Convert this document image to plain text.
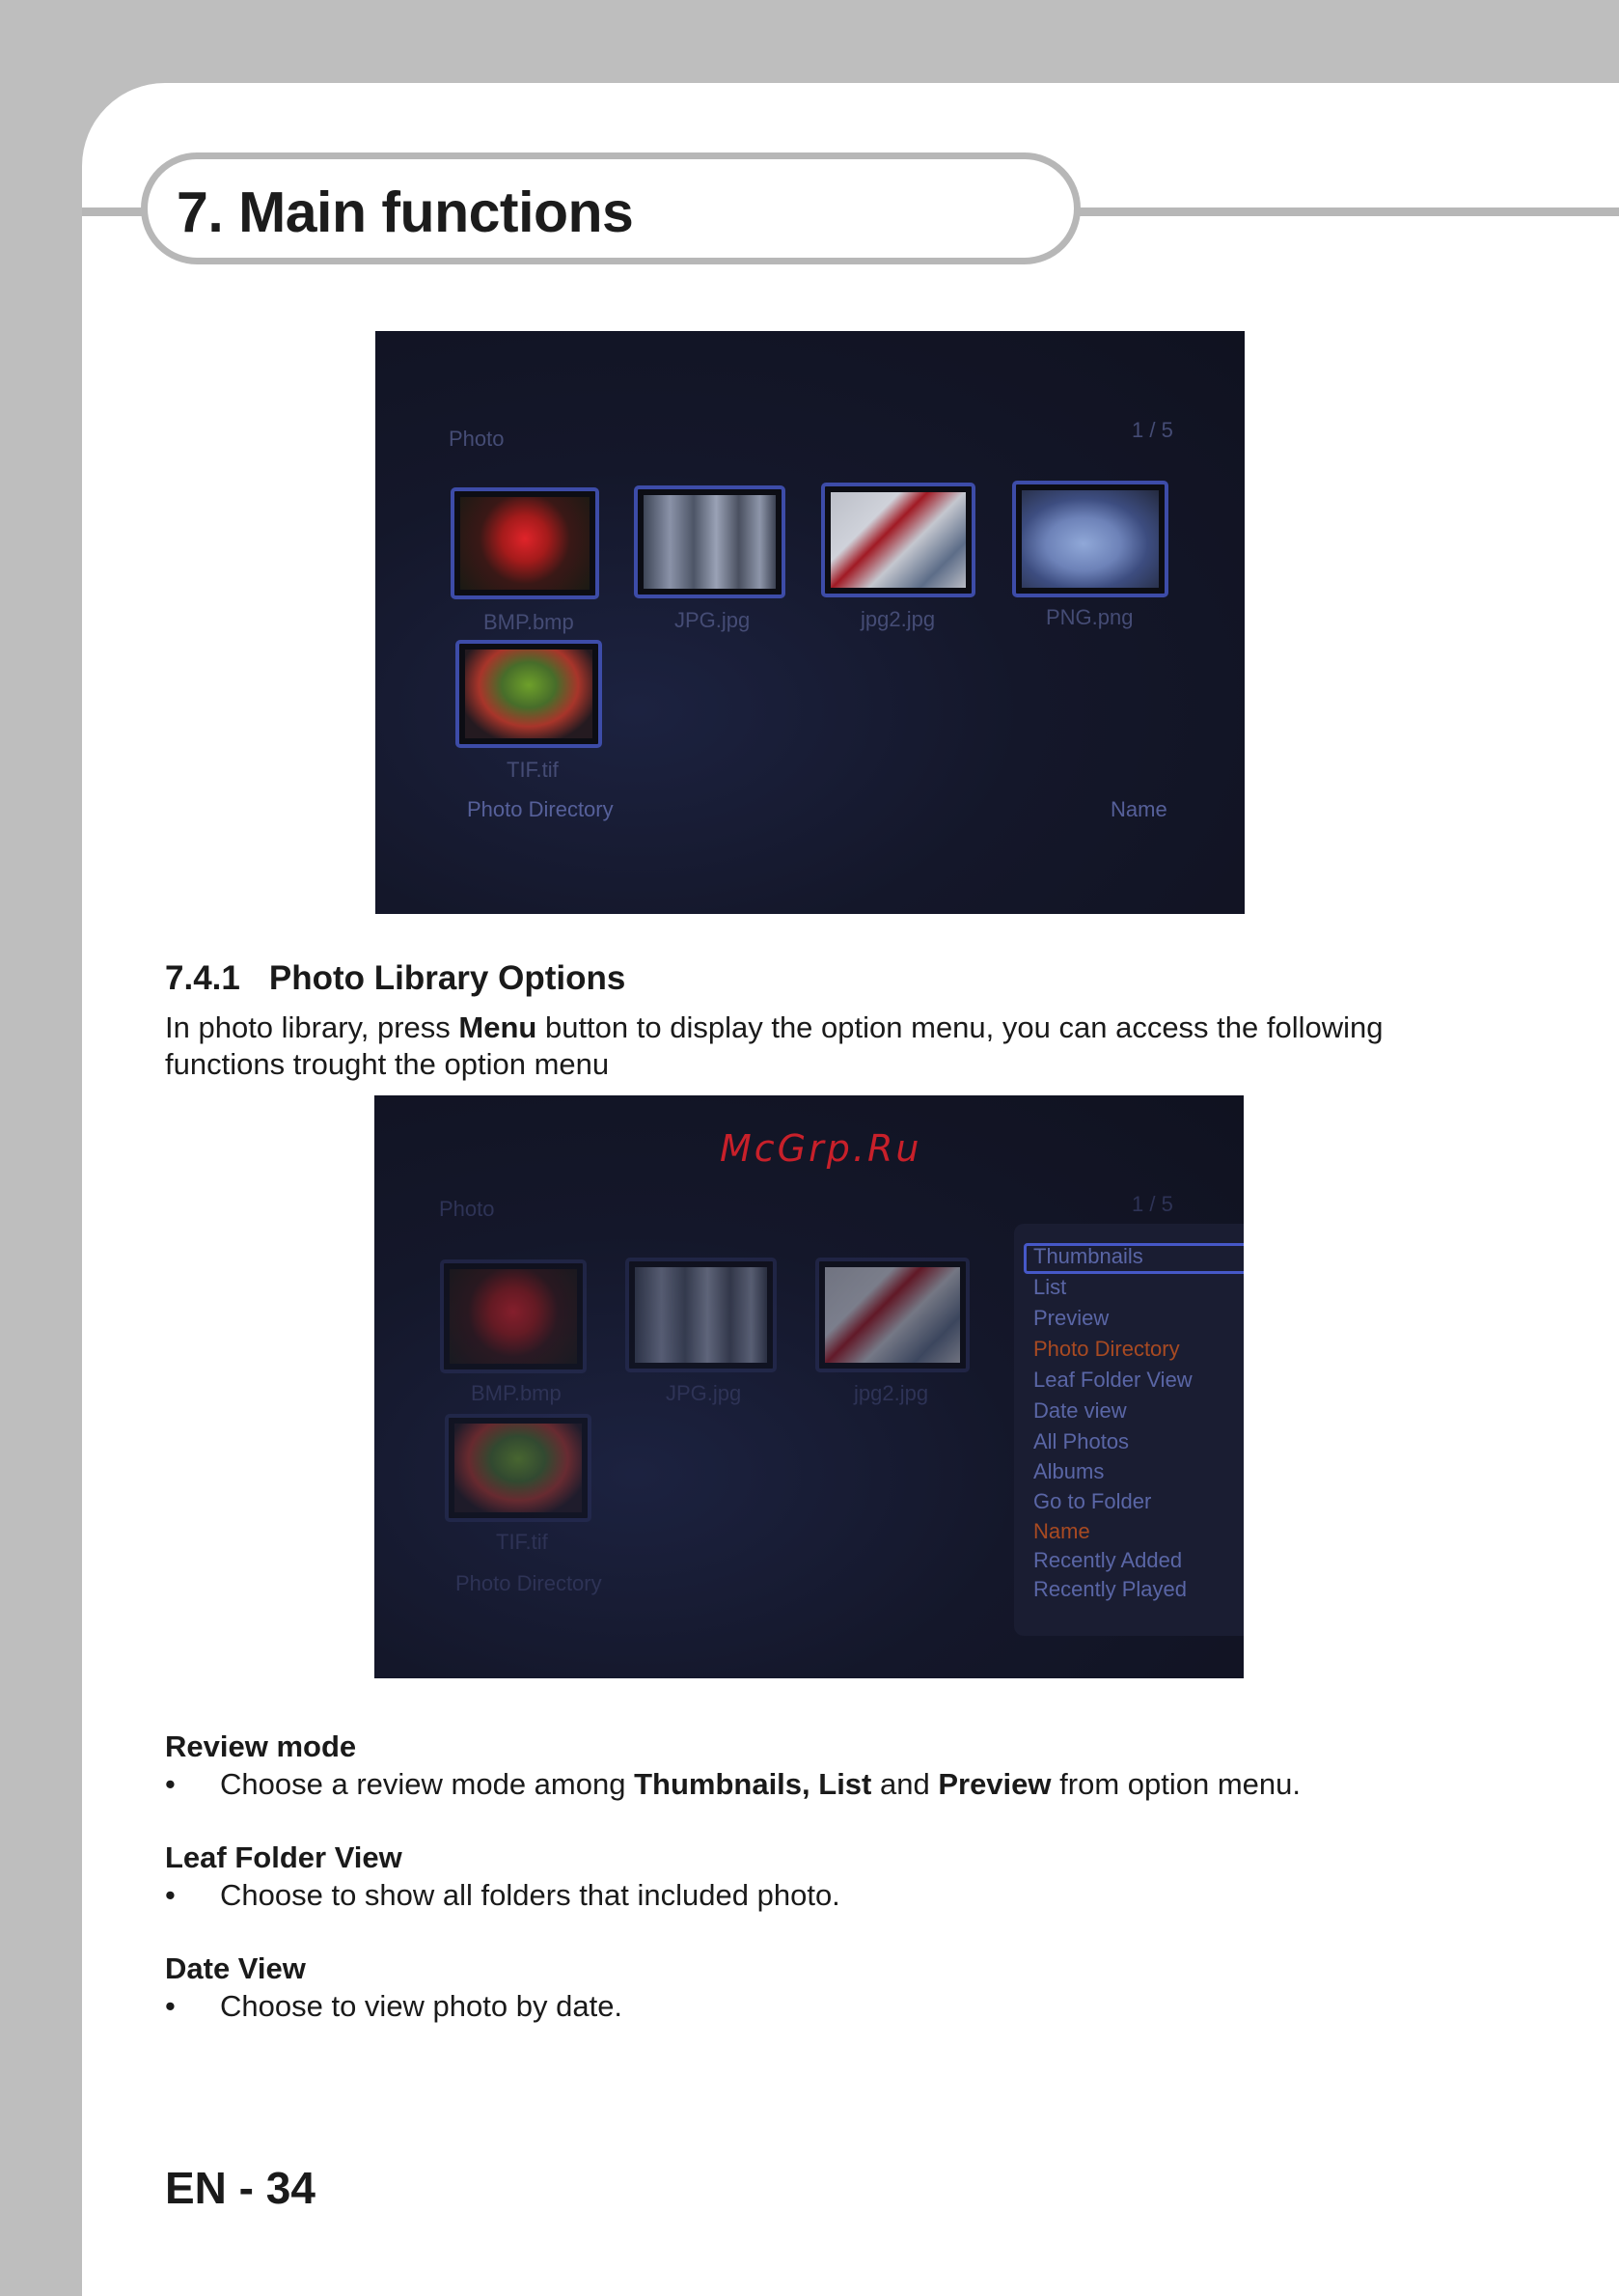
7. Main functions
Photo	1 / 5
BMP.bmp	JPG.jpg	jpg2.jpg	PNG.png
TIF.tif
Photo Directory	Name
7.4.1 Photo Library Options
In photo library, press Menu button to display the option menu, you can access the following functions trought the option menu
McGrp.Ru
Photo	1 / 5
BMP.bmp	JPG.jpg	jpg2.jpg
TIF.tif
Photo Directory
Thumbnails
List
Preview
Photo Directory
Leaf Folder View
Date view
All Photos
Albums
Go to Folder
Name
Recently Added
Recently Played
Review mode
• Choose a review mode among Thumbnails, List and Preview from option menu.
Leaf Folder View
• Choose to show all folders that included photo.
Date View
• Choose to view photo by date.
EN - 34
